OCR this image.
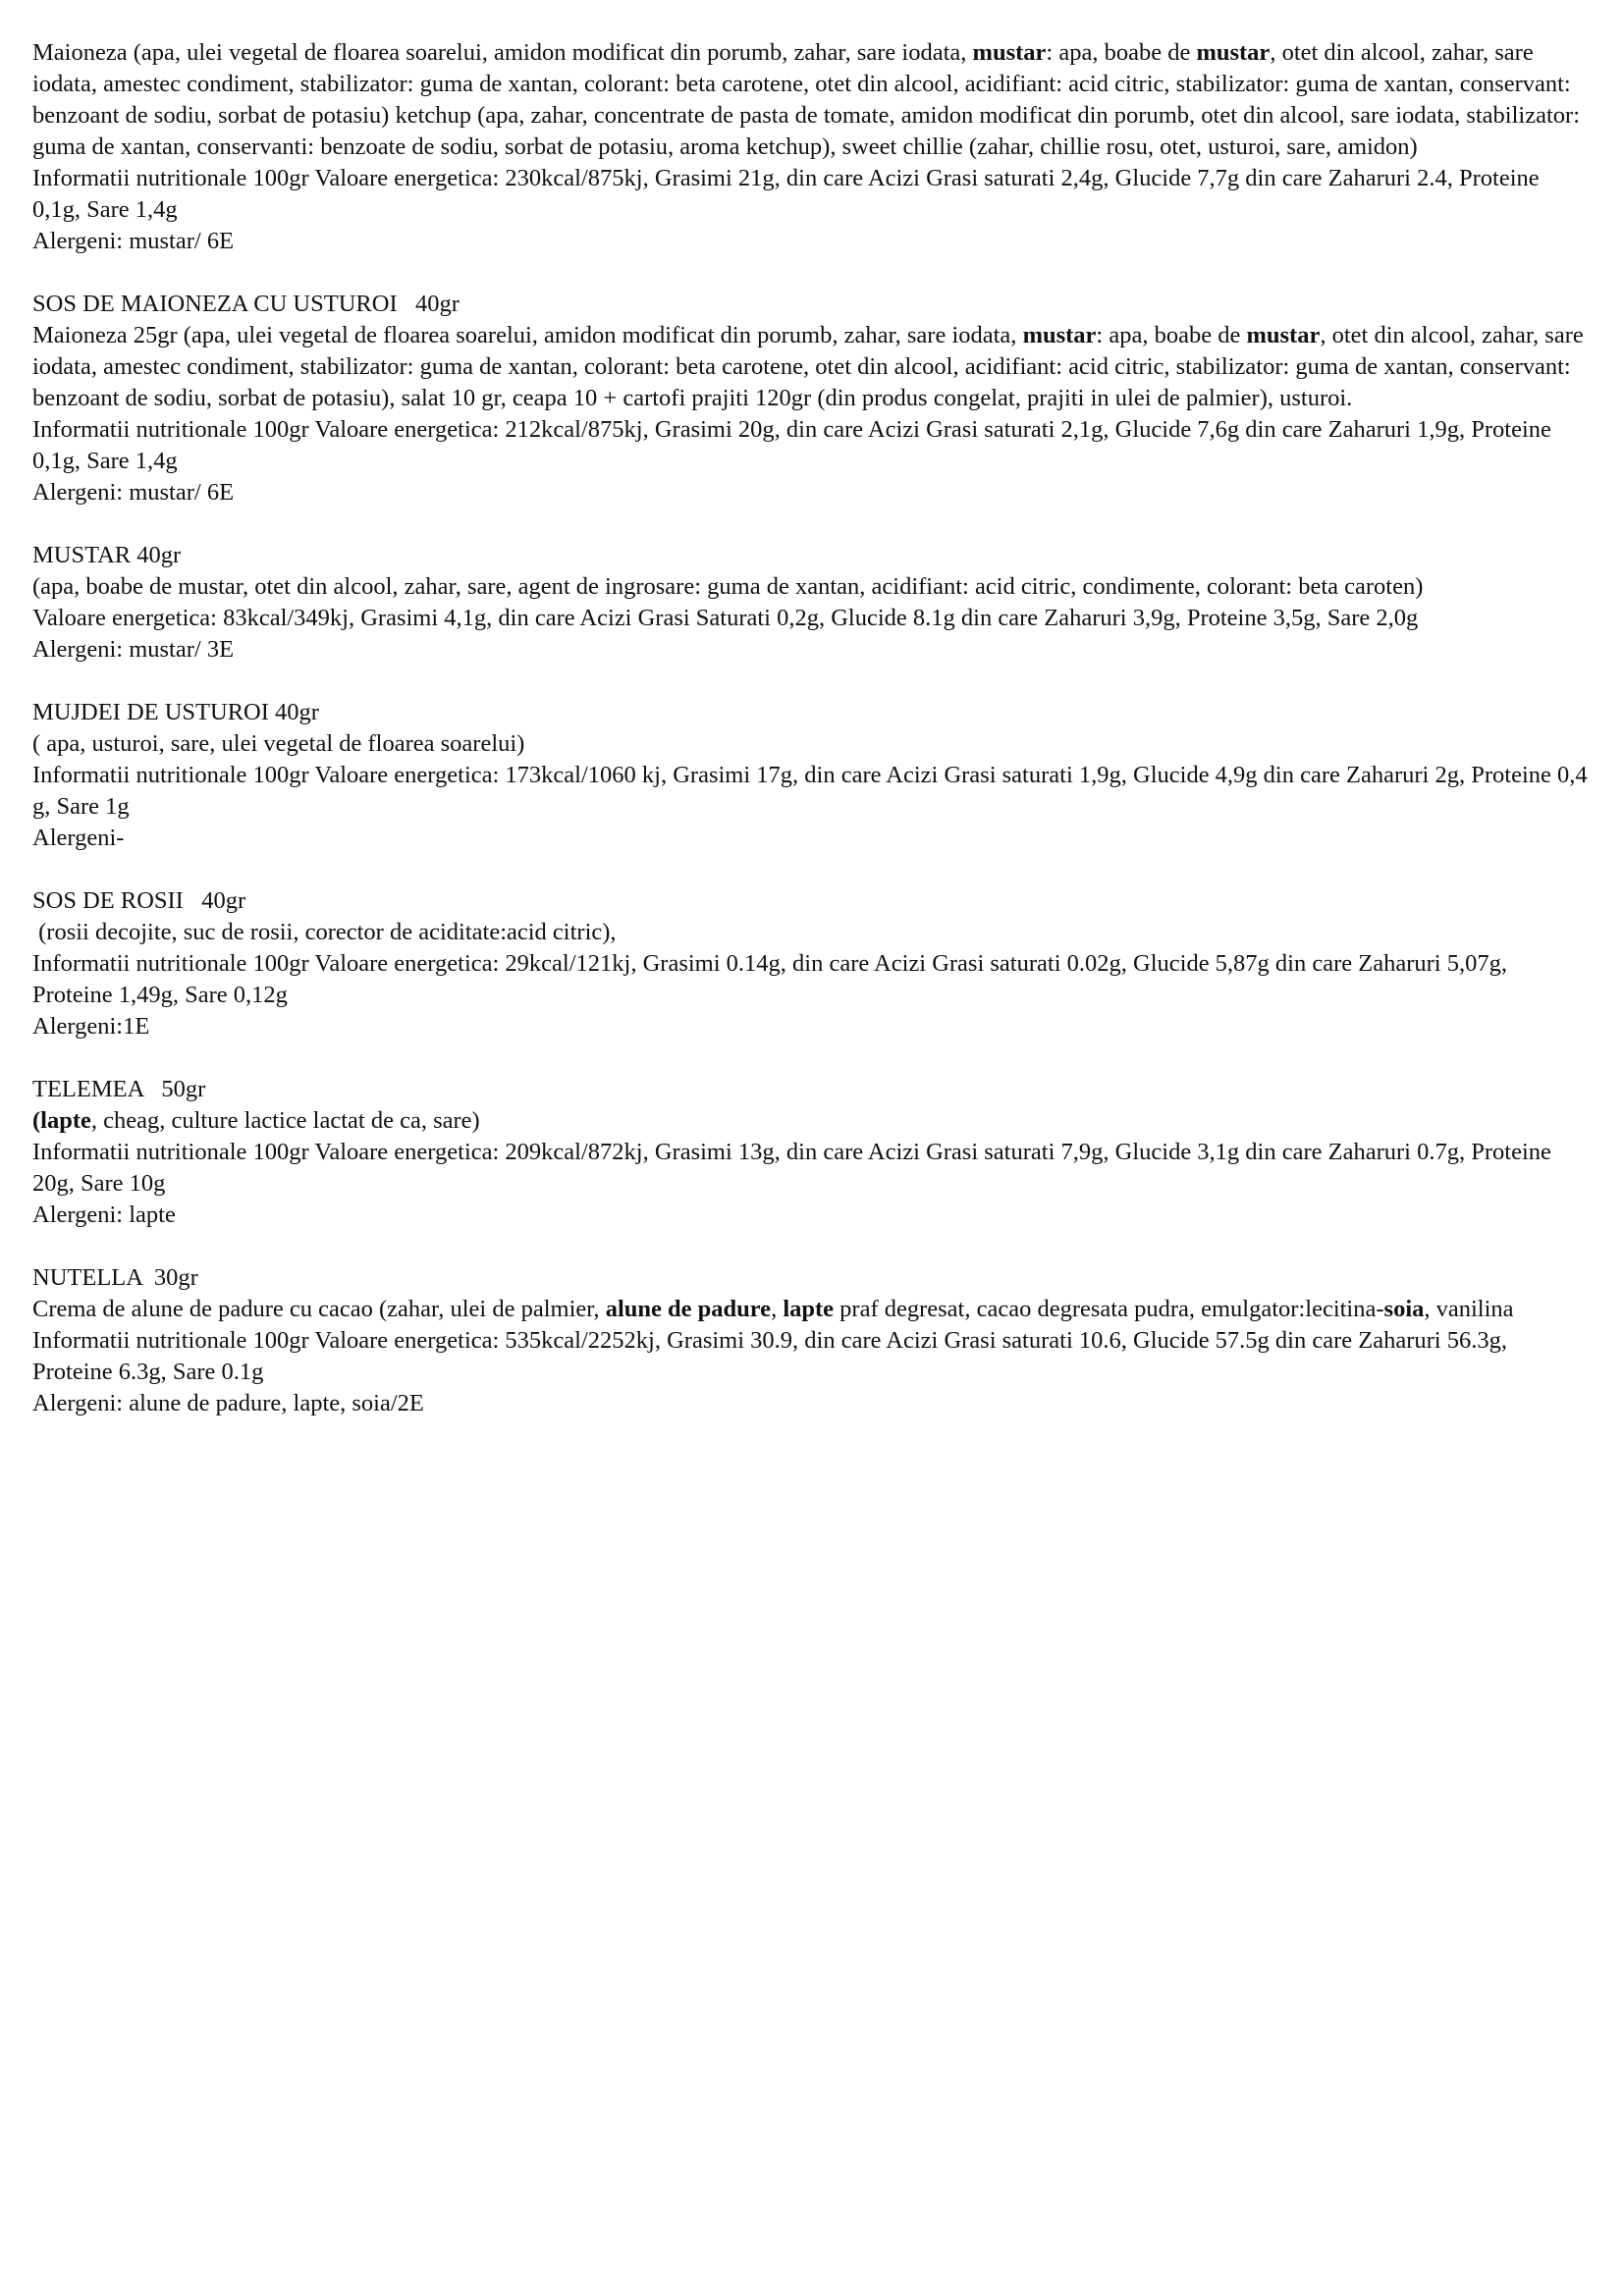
Maioneza (apa, ulei vegetal de floarea soarelui, amidon modificat din porumb, zahar, sare iodata, mustar: apa, boabe de mustar, otet din alcool, zahar, sare iodata, amestec condiment, stabilizator: guma de xantan, colorant: beta carotene, otet din alcool, acidifiant: acid citric, stabilizator: guma de xantan, conservant: benzoant de sodiu, sorbat de potasiu) ketchup (apa, zahar, concentrate de pasta de tomate, amidon modificat din porumb, otet din alcool, sare iodata, stabilizator: guma de xantan, conservanti: benzoate de sodiu, sorbat de potasiu, aroma ketchup), sweet chillie (zahar, chillie rosu, otet, usturoi, sare, amidon)
Informatii nutritionale 100gr Valoare energetica: 230kcal/875kj, Grasimi 21g, din care Acizi Grasi saturati 2,4g, Glucide 7,7g din care Zaharuri 2.4, Proteine 0,1g, Sare 1,4g
Alergeni: mustar/ 6E
SOS DE MAIONEZA CU USTUROI   40gr
Maioneza 25gr (apa, ulei vegetal de floarea soarelui, amidon modificat din porumb, zahar, sare iodata, mustar: apa, boabe de mustar, otet din alcool, zahar, sare iodata, amestec condiment, stabilizator: guma de xantan, colorant: beta carotene, otet din alcool, acidifiant: acid citric, stabilizator: guma de xantan, conservant: benzoant de sodiu, sorbat de potasiu), salat 10 gr, ceapa 10 + cartofi prajiti 120gr (din produs congelat, prajiti in ulei de palmier), usturoi.
Informatii nutritionale 100gr Valoare energetica: 212kcal/875kj, Grasimi 20g, din care Acizi Grasi saturati 2,1g, Glucide 7,6g din care Zaharuri 1,9g, Proteine 0,1g, Sare 1,4g
Alergeni: mustar/ 6E
MUSTAR 40gr
(apa, boabe de mustar, otet din alcool, zahar, sare, agent de ingrosare: guma de xantan, acidifiant: acid citric, condimente, colorant: beta caroten)
Valoare energetica: 83kcal/349kj, Grasimi 4,1g, din care Acizi Grasi Saturati 0,2g, Glucide 8.1g din care Zaharuri 3,9g, Proteine 3,5g, Sare 2,0g
Alergeni: mustar/ 3E
MUJDEI DE USTUROI 40gr
( apa, usturoi, sare, ulei vegetal de floarea soarelui)
Informatii nutritionale 100gr Valoare energetica: 173kcal/1060 kj, Grasimi 17g, din care Acizi Grasi saturati 1,9g, Glucide 4,9g din care Zaharuri 2g, Proteine 0,4 g, Sare 1g
Alergeni-
SOS DE ROSII   40gr
(rosii decojite, suc de rosii, corector de aciditate:acid citric),
Informatii nutritionale 100gr Valoare energetica: 29kcal/121kj, Grasimi 0.14g, din care Acizi Grasi saturati 0.02g, Glucide 5,87g din care Zaharuri 5,07g, Proteine 1,49g, Sare 0,12g
Alergeni:1E
TELEMEA   50gr
(lapte, cheag, culture lactice lactat de ca, sare)
Informatii nutritionale 100gr Valoare energetica: 209kcal/872kj, Grasimi 13g, din care Acizi Grasi saturati 7,9g, Glucide 3,1g din care Zaharuri 0.7g, Proteine 20g, Sare 10g
Alergeni: lapte
NUTELLA  30gr
Crema de alune de padure cu cacao (zahar, ulei de palmier, alune de padure, lapte praf degresat, cacao degresata pudra, emulgator:lecitina-soia, vanilina
Informatii nutritionale 100gr Valoare energetica: 535kcal/2252kj, Grasimi 30.9, din care Acizi Grasi saturati 10.6, Glucide 57.5g din care Zaharuri 56.3g, Proteine 6.3g, Sare 0.1g
Alergeni: alune de padure, lapte, soia/2E
